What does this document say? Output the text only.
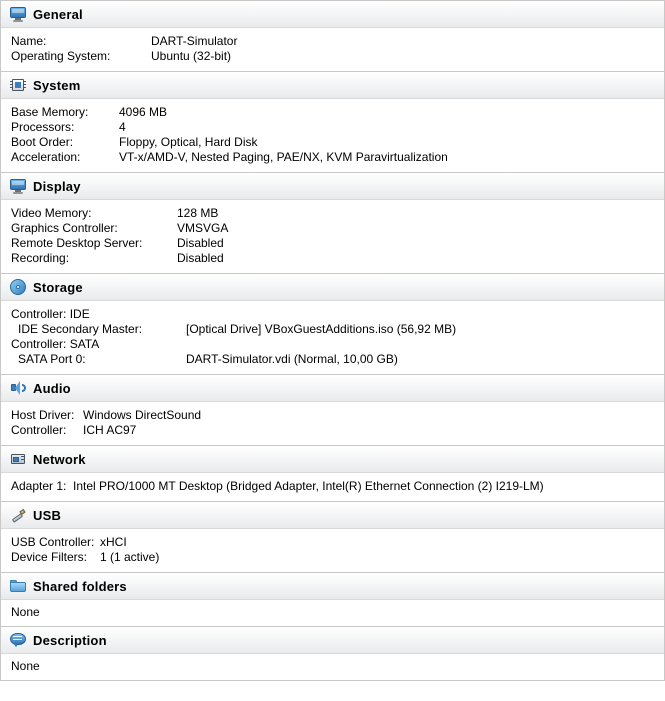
General
Name:	DART-Simulator
Operating System:	Ubuntu (32-bit)
System
Base Memory:	4096 MB
Processors:	4
Boot Order:	Floppy, Optical, Hard Disk
Acceleration:	VT-x/AMD-V, Nested Paging, PAE/NX, KVM Paravirtualization
Display
Video Memory:	128 MB
Graphics Controller:	VMSVGA
Remote Desktop Server:	Disabled
Recording:	Disabled
Storage
Controller: IDE
IDE Secondary Master:	[Optical Drive] VBoxGuestAdditions.iso (56,92 MB)
Controller: SATA
SATA Port 0:	DART-Simulator.vdi (Normal, 10,00 GB)
Audio
Host Driver: Windows DirectSound
Controller:	ICH AC97
Network
Adapter 1: Intel PRO/1000 MT Desktop (Bridged Adapter, Intel(R) Ethernet Connection (2) I219-LM)
USB
USB Controller: xHCI
Device Filters:	1 (1 active)
Shared folders
None
Description
None
